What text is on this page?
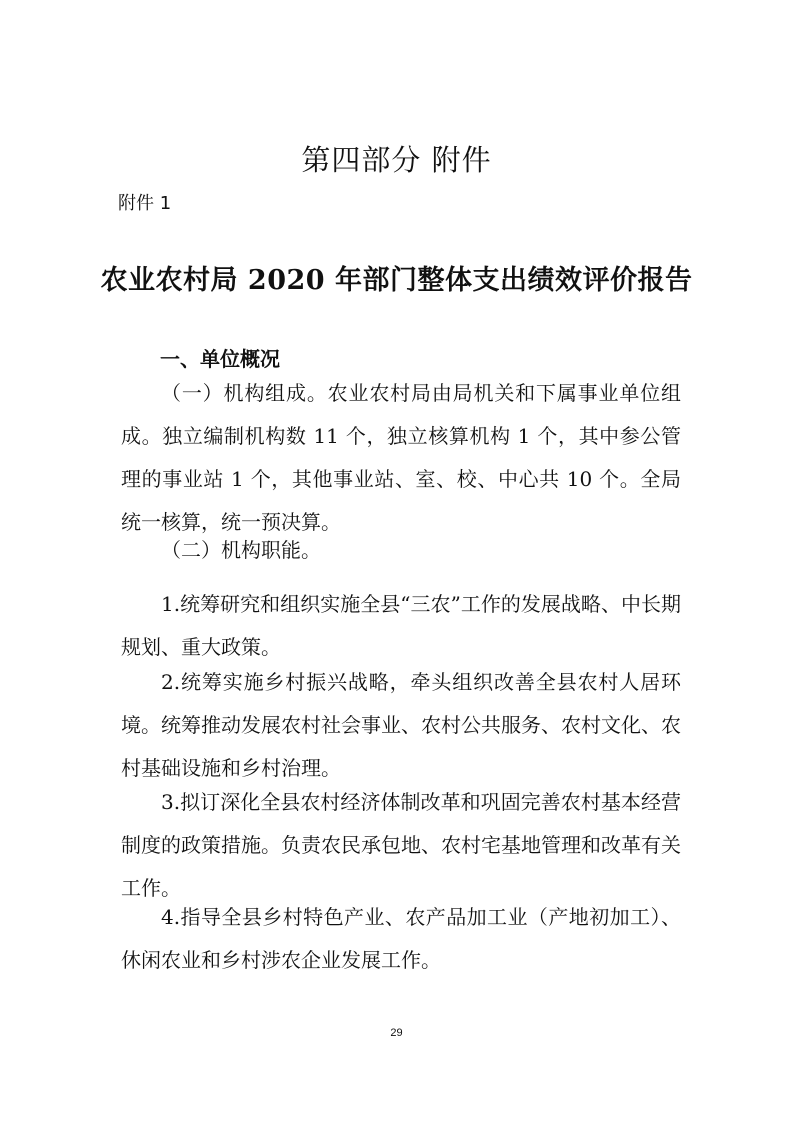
第四部分 附件
附件 1
农业农村局 2020 年部门整体支出绩效评价报告
一、单位概况

（一）机构组成。农业农村局由局机关和下属事业单位组成。独立编制机构数 11 个，独立核算机构 1 个，其中参公管理的事业站 1 个，其他事业站、室、校、中心共 10 个。全局统一核算，统一预决算。

（二）机构职能。

1.统筹研究和组织实施全县“三农”工作的发展战略、中长期规划、重大政策。

2.统筹实施乡村振兴战略，牵头组织改善全县农村人居环境。统筹推动发展农村社会事业、农村公共服务、农村文化、农村基础设施和乡村治理。

3.拟订深化全县农村经济体制改革和巩固完善农村基本经营制度的政策措施。负责农民承包地、农村宅基地管理和改革有关工作。

4.指导全县乡村特色产业、农产品加工业（产地初加工）、休闲农业和乡村涉农企业发展工作。

29
